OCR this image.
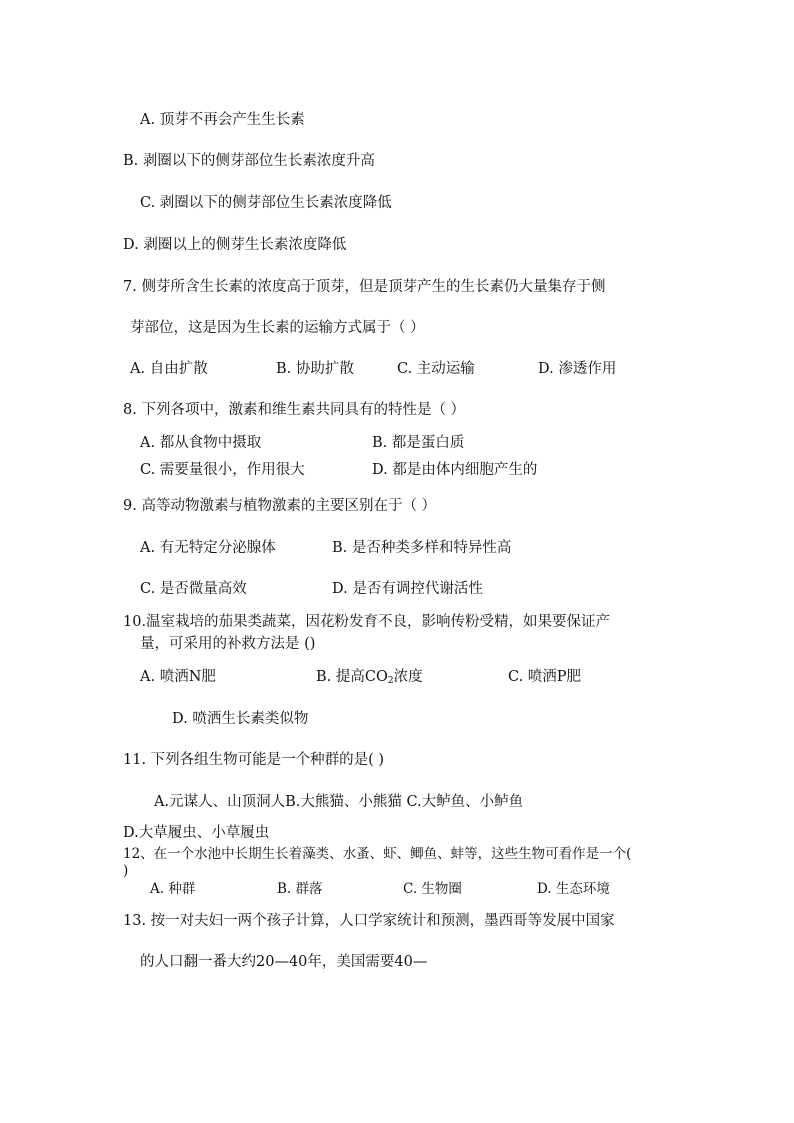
A. 顶芽不再会产生生长素
B. 剥圈以下的侧芽部位生长素浓度升高
C. 剥圈以下的侧芽部位生长素浓度降低
D. 剥圈以上的侧芽生长素浓度降低
7. 侧芽所含生长素的浓度高于顶芽，但是顶芽产生的生长素仍大量集存于侧
芽部位，这是因为生长素的运输方式属于（ ）
A. 自由扩散	B. 协助扩散	C. 主动运输	D. 渗透作用
8. 下列各项中，激素和维生素共同具有的特性是（ ）
A. 都从食物中摄取	B. 都是蛋白质
C. 需要量很小，作用很大	D. 都是由体内细胞产生的
9. 高等动物激素与植物激素的主要区别在于（ ）
A. 有无特定分泌腺体	B. 是否种类多样和特异性高
C. 是否微量高效	D. 是否有调控代谢活性
10.温室栽培的茄果类蔬菜，因花粉发育不良，影响传粉受精，如果要保证产
量，可采用的补救方法是 ()
A. 喷洒N肥	B. 提高$CO_2$浓度	C. 喷洒P肥
D. 喷洒生长素类似物
11. 下列各组生物可能是一个种群的是( )
A.元谋人、山顶洞人B.大熊猫、小熊猫 C.大鲈鱼、小鲈鱼
D.大草履虫、小草履虫
12、在一个水池中长期生长着藻类、水蚤、虾、鲫鱼、蚌等，这些生物可看作是一个(
)
A. 种群	B. 群落	C. 生物圈	D. 生态环境
13. 按一对夫妇一两个孩子计算，人口学家统计和预测，墨西哥等发展中国家
的人口翻一番大约20—40年，美国需要40—
